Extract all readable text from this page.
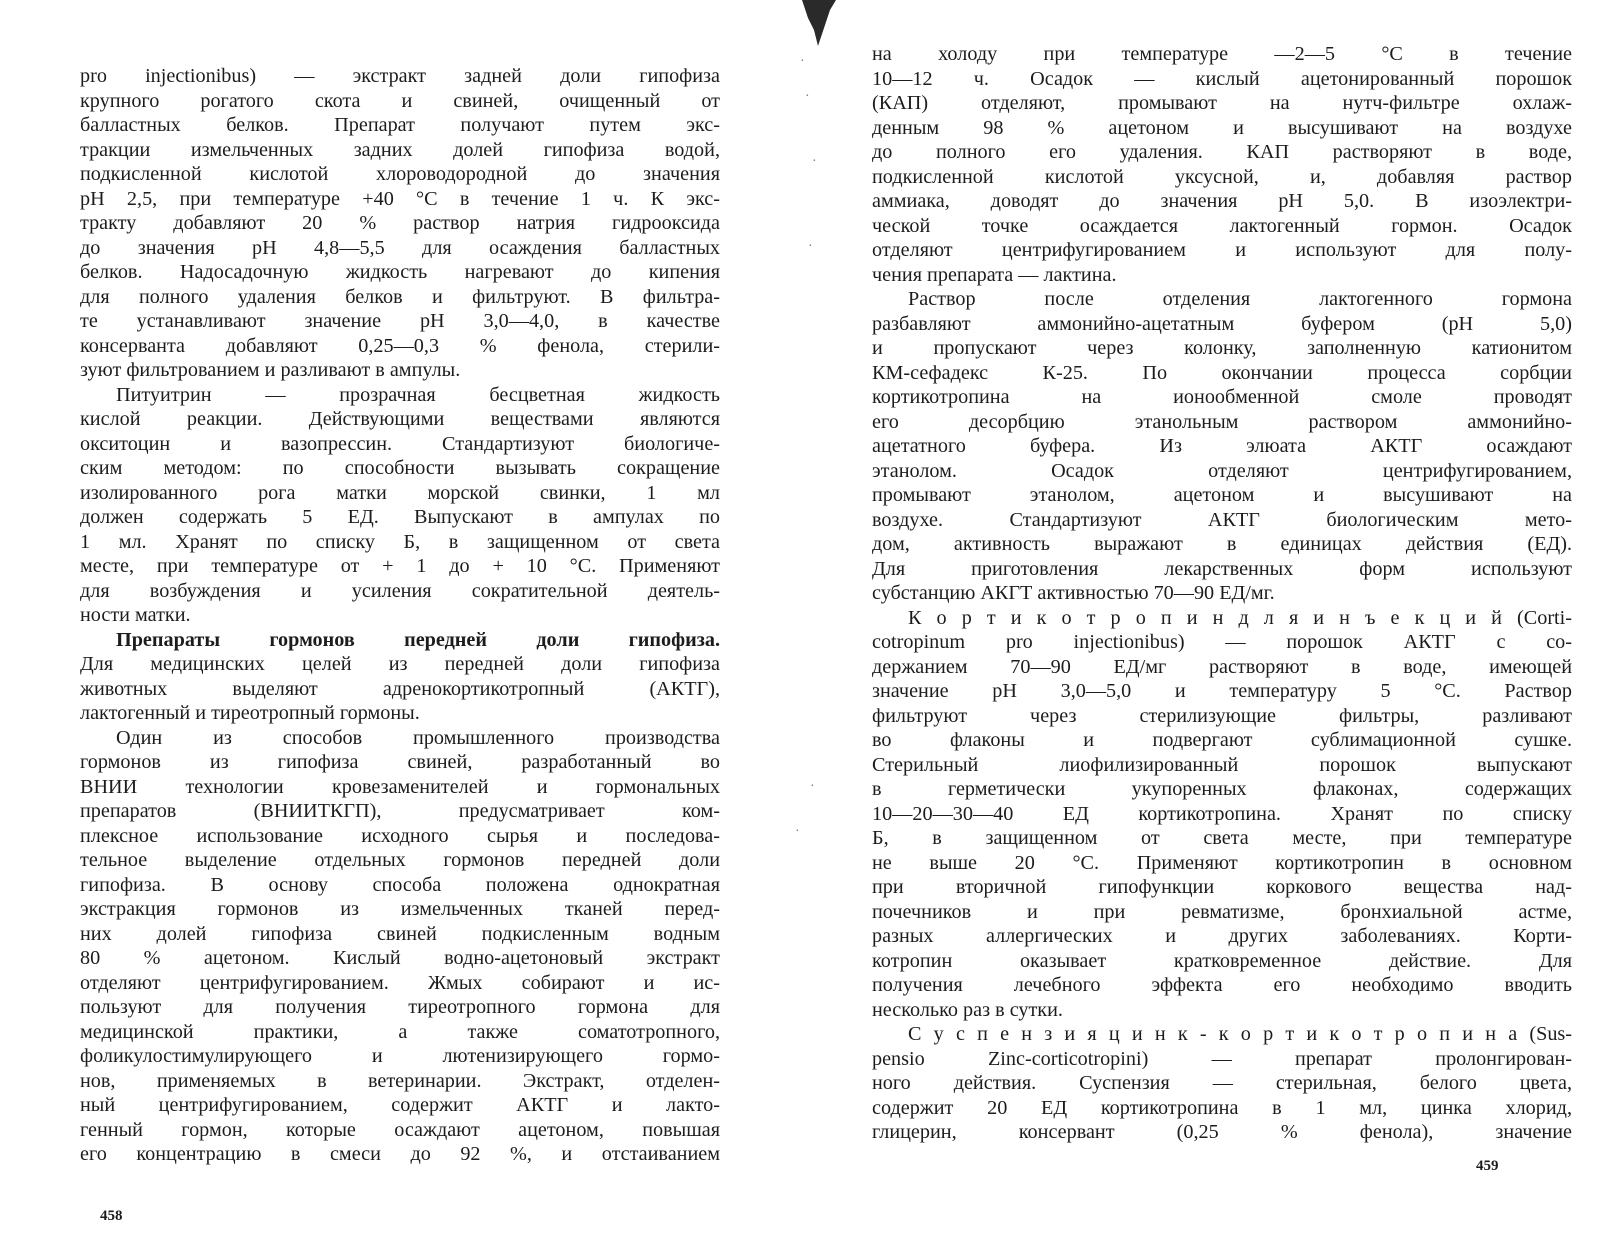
pro injectionibus) — экстракт задней доли гипофиза
крупного рогатого скота и свиней, очищенный от
балластных белков. Препарат получают путем экс-
тракции измельченных задних долей гипофиза водой,
подкисленной кислотой хлороводородной до значения
pH 2,5, при температуре +40 °С в течение 1 ч. К экс-
тракту добавляют 20 % раствор натрия гидрооксида
до значения pH 4,8—5,5 для осаждения балластных
белков. Надосадочную жидкость нагревают до кипения
для полного удаления белков и фильтруют. В фильтра-
те устанавливают значение pH 3,0—4,0, в качестве
консерванта добавляют 0,25—0,3 % фенола, стерили-
зуют фильтрованием и разливают в ампулы.
Питуитрин — прозрачная бесцветная жидкость
кислой реакции. Действующими веществами являются
окситоцин и вазопрессин. Стандартизуют биологиче-
ским методом: по способности вызывать сокращение
изолированного рога матки морской свинки, 1 мл
должен содержать 5 ЕД. Выпускают в ампулах по
1 мл. Хранят по списку Б, в защищенном от света
месте, при температуре от + 1 до + 10 °С. Применяют
для возбуждения и усиления сократительной деятель-
ности матки.
Препараты гормонов передней доли гипофиза.
Для медицинских целей из передней доли гипофиза
животных выделяют адренокортикотропный (АКТГ),
лактогенный и тиреотропный гормоны.
Один из способов промышленного производства
гормонов из гипофиза свиней, разработанный во
ВНИИ технологии кровезаменителей и гормональных
препаратов (ВНИИТКГП), предусматривает ком-
плексное использование исходного сырья и последова-
тельное выделение отдельных гормонов передней доли
гипофиза. В основу способа положена однократная
экстракция гормонов из измельченных тканей перед-
них долей гипофиза свиней подкисленным водным
80 % ацетоном. Кислый водно-ацетоновый экстракт
отделяют центрифугированием. Жмых собирают и ис-
пользуют для получения тиреотропного гормона для
медицинской практики, а также соматотропного,
фоликулостимулирующего и лютенизирующего гормо-
нов, применяемых в ветеринарии. Экстракт, отделен-
ный центрифугированием, содержит АКТГ и лакто-
генный гормон, которые осаждают ацетоном, повышая
его концентрацию в смеси до 92 %, и отстаиванием
458
на холоду при температуре —2—5 °С в течение
10—12 ч. Осадок — кислый ацетонированный порошок
(КАП) отделяют, промывают на нутч-фильтре охлаж-
денным 98 % ацетоном и высушивают на воздухе
до полного его удаления. КАП растворяют в воде,
подкисленной кислотой уксусной, и, добавляя раствор
аммиака, доводят до значения pH 5,0. В изоэлектри-
ческой точке осаждается лактогенный гормон. Осадок
отделяют центрифугированием и используют для полу-
чения препарата — лактина.
Раствор после отделения лактогенного гормона
разбавляют аммонийно-ацетатным буфером (pH 5,0)
и пропускают через колонку, заполненную катионитом
КМ-сефадекс К-25. По окончании процесса сорбции
кортикотропина на ионообменной смоле проводят
его десорбцию этанольным раствором аммонийно-
ацетатного буфера. Из элюата АКТГ осаждают
этанолом. Осадок отделяют центрифугированием,
промывают этанолом, ацетоном и высушивают на
воздухе. Стандартизуют АКТГ биологическим мето-
дом, активность выражают в единицах действия (ЕД).
Для приготовления лекарственных форм используют
субстанцию АКГТ активностью 70—90 ЕД/мг.
К о р т и к о т р о п и н д л я и н ъ е к ц и й (Corti-
cotropinum pro injectionibus) — порошок АКТГ с со-
держанием 70—90 ЕД/мг растворяют в воде, имеющей
значение pH 3,0—5,0 и температуру 5 °С. Раствор
фильтруют через стерилизующие фильтры, разливают
во флаконы и подвергают сублимационной сушке.
Стерильный лиофилизированный порошок выпускают
в герметически укупоренных флаконах, содержащих
10—20—30—40 ЕД кортикотропина. Хранят по списку
Б, в защищенном от света месте, при температуре
не выше 20 °С. Применяют кортикотропин в основном
при вторичной гипофункции коркового вещества над-
почечников и при ревматизме, бронхиальной астме,
разных аллергических и других заболеваниях. Корти-
котропин оказывает кратковременное действие. Для
получения лечебного эффекта его необходимо вводить
несколько раз в сутки.
С у с п е н з и я ц и н к - к о р т и к о т р о п и н а (Sus-
pensio Zinc-corticotropini) — препарат пролонгирован-
ного действия. Суспензия — стерильная, белого цвета,
содержит 20 ЕД кортикотропина в 1 мл, цинка хлорид,
глицерин, консервант (0,25 % фенола), значение
459
·
·
·
·
·
·
